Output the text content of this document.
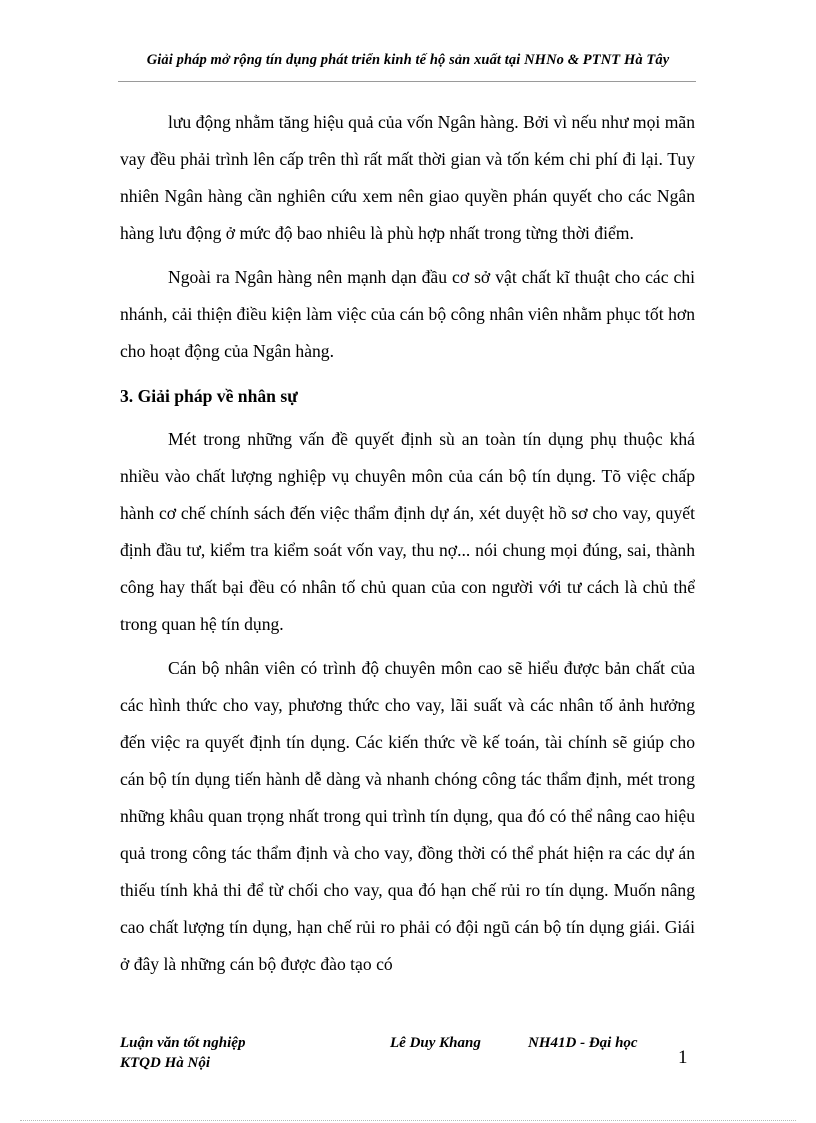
Giải pháp mở rộng tín dụng phát triển kinh tế hộ sản xuất tại NHNo & PTNT Hà Tây

lưu động nhằm tăng hiệu quả của vốn Ngân hàng. Bởi vì nếu như mọi mãn vay đều phải trình lên cấp trên thì rất mất thời gian và tốn kém chi phí đi lại. Tuy nhiên Ngân hàng cần nghiên cứu xem nên giao quyền phán quyết cho các Ngân hàng lưu động ở mức độ bao nhiêu là phù hợp nhất trong từng thời điểm.

Ngoài ra Ngân hàng nên mạnh dạn đầu cơ sở vật chất kĩ thuật cho các chi nhánh, cải thiện điều kiện làm việc của cán bộ công nhân viên nhằm phục tốt hơn cho hoạt động của Ngân hàng.

3. Giải pháp về nhân sự

Mét trong những vấn đề quyết định sù an toàn tín dụng phụ thuộc khá nhiều vào chất lượng nghiệp vụ chuyên môn của cán bộ tín dụng. Tõ việc chấp hành cơ chế chính sách đến việc thẩm định dự án, xét duyệt hồ sơ cho vay, quyết định đầu tư, kiểm tra kiểm soát vốn vay, thu nợ... nói chung mọi đúng, sai, thành công hay thất bại đều có nhân tố chủ quan của con người với tư cách là chủ thể trong quan hệ tín dụng.

Cán bộ nhân viên có trình độ chuyên môn cao sẽ hiểu được bản chất của các hình thức cho vay, phương thức cho vay, lãi suất và các nhân tố ảnh hưởng đến việc ra quyết định tín dụng. Các kiến thức về kế toán, tài chính sẽ giúp cho cán bộ tín dụng tiến hành dễ dàng và nhanh chóng công tác thẩm định, mét trong những khâu quan trọng nhất trong qui trình tín dụng, qua đó có thể nâng cao hiệu quả trong công tác thẩm định và cho vay, đồng thời có thể phát hiện ra các dự án thiếu tính khả thi để từ chối cho vay, qua đó hạn chế rủi ro tín dụng. Muốn nâng cao chất lượng tín dụng, hạn chế rủi ro phải có đội ngũ cán bộ tín dụng giái. Giái ở đây là những cán bộ được đào tạo có

Luận văn tốt nghiệp
KTQD Hà Nội
Lê Duy Khang	NH41D - Đại học
1
